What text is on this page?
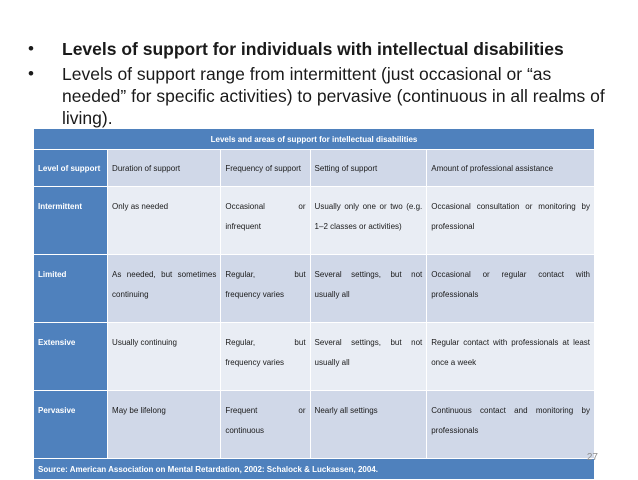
• Levels of support for individuals with intellectual disabilities
• Levels of support range from intermittent (just occasional or “as needed” for specific activities) to pervasive (continuous in all realms of living).
Levels and areas of support for intellectual disabilities				
Level of support	Duration of support	Frequency of support	Setting of support	Amount of professional assistance
Intermittent	Only as needed	Occasional or infrequent	Usually only one or two (e.g. 1–2 classes or activities)	Occasional consultation or monitoring by professional
Limited	As needed, but sometimes continuing	Regular, but frequency varies	Several settings, but not usually all	Occasional or regular contact with professionals
Extensive	Usually continuing	Regular, but frequency varies	Several settings, but not usually all	Regular contact with professionals at least once a week
Pervasive	May be lifelong	Frequent or continuous	Nearly all settings	Continuous contact and monitoring by professionals
Source: American Association on Mental Retardation, 2002: Schalock & Luckassen, 2004.				
27
